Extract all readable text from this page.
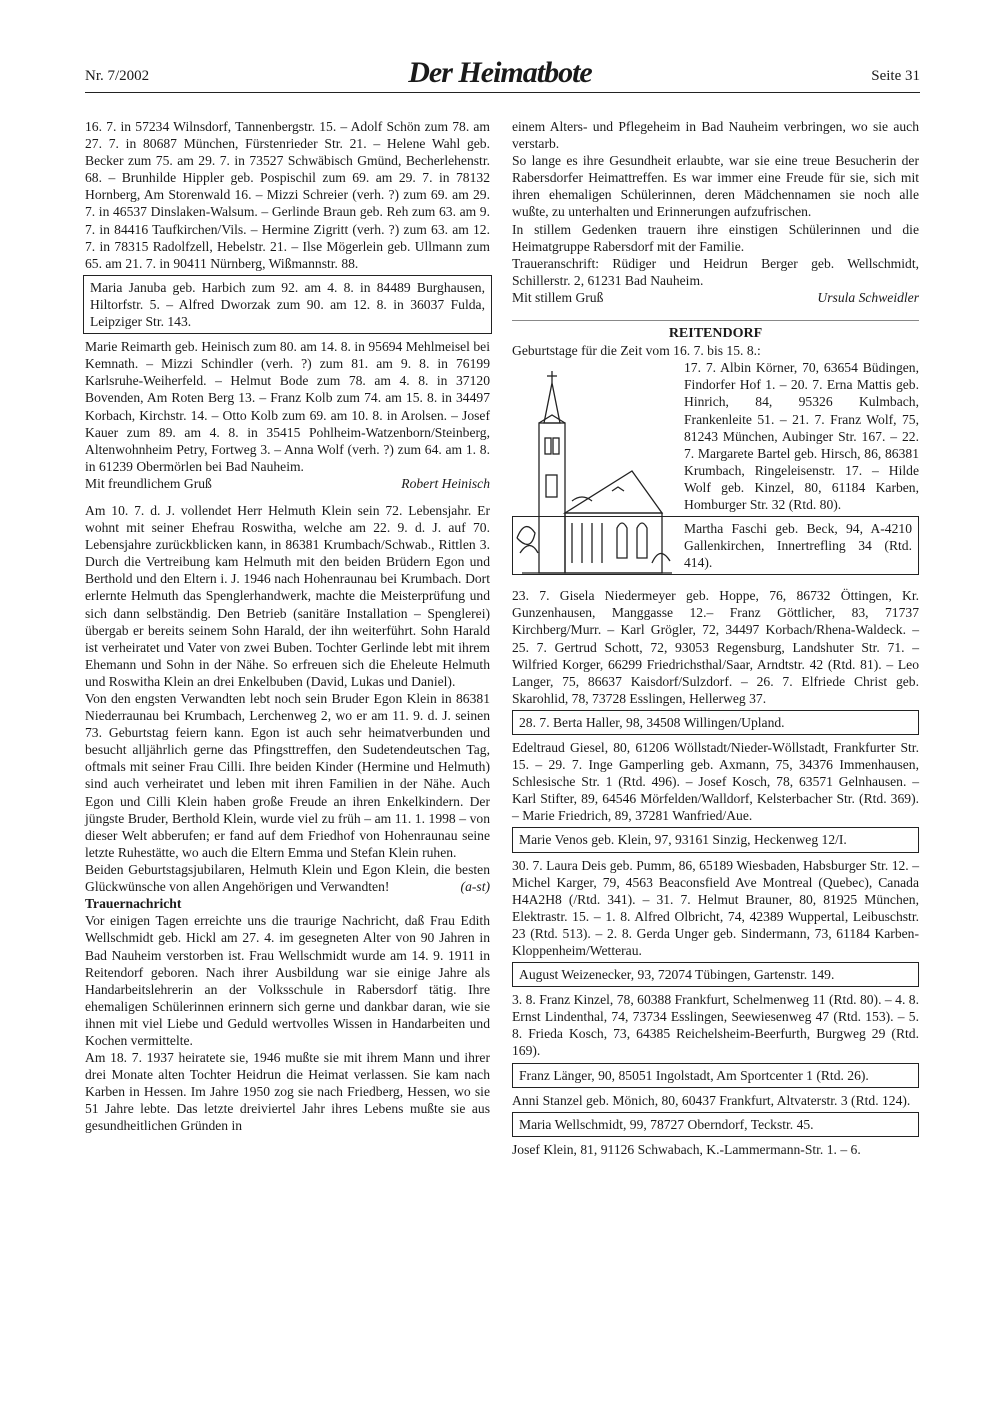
Nr. 7/2002	Der Heimatbote	Seite 31

16. 7. in 57234 Wilnsdorf, Tannenbergstr. 15. – Adolf Schön zum 78. am 27. 7. in 80687 München, Fürstenrieder Str. 21. – Helene Wahl geb. Becker zum 75. am 29. 7. in 73527 Schwäbisch Gmünd, Becherlehenstr. 68. – Brunhilde Hippler geb. Pospischil zum 69. am 29. 7. in 78132 Hornberg, Am Storenwald 16. – Mizzi Schreier (verh. ?) zum 69. am 29. 7. in 46537 Dinslaken-Walsum. – Gerlinde Braun geb. Reh zum 63. am 9. 7. in 84416 Taufkirchen/Vils. – Hermine Zigritt (verh. ?) zum 63. am 12. 7. in 78315 Radolfzell, Hebelstr. 21. – Ilse Mögerlein geb. Ullmann zum 65. am 21. 7. in 90411 Nürnberg, Wißmannstr. 88.

Maria Januba geb. Harbich zum 92. am 4. 8. in 84489 Burghausen, Hiltorfstr. 5. – Alfred Dworzak zum 90. am 12. 8. in 36037 Fulda, Leipziger Str. 143.

Marie Reimarth geb. Heinisch zum 80. am 14. 8. in 95694 Mehlmeisel bei Kemnath. – Mizzi Schindler (verh. ?) zum 81. am 9. 8. in 76199 Karlsruhe-Weiherfeld. – Helmut Bode zum 78. am 4. 8. in 37120 Bovenden, Am Roten Berg 13. – Franz Kolb zum 74. am 15. 8. in 34497 Korbach, Kirchstr. 14. – Otto Kolb zum 69. am 10. 8. in Arolsen. – Josef Kauer zum 89. am 4. 8. in 35415 Pohlheim-Watzenborn/Steinberg, Altenwohnheim Petry, Fortweg 3. – Anna Wolf (verh. ?) zum 64. am 1. 8. in 61239 Obermörlen bei Bad Nauheim.

Mit freundlichem Gruß	Robert Heinisch

Am 10. 7. d. J. vollendet Herr Helmuth Klein sein 72. Lebensjahr. Er wohnt mit seiner Ehefrau Roswitha, welche am 22. 9. d. J. auf 70. Lebensjahre zurückblicken kann, in 86381 Krumbach/Schwab., Rittlen 3. Durch die Vertreibung kam Helmuth mit den beiden Brüdern Egon und Berthold und den Eltern i. J. 1946 nach Hohenraunau bei Krumbach. Dort erlernte Helmuth das Spenglerhandwerk, machte die Meisterprüfung und sich dann selbständig. Den Betrieb (sanitäre Installation – Spenglerei) übergab er bereits seinem Sohn Harald, der ihn weiterführt. Sohn Harald ist verheiratet und Vater von zwei Buben. Tochter Gerlinde lebt mit ihrem Ehemann und Sohn in der Nähe. So erfreuen sich die Eheleute Helmuth und Roswitha Klein an drei Enkelbuben (David, Lukas und Daniel).

Von den engsten Verwandten lebt noch sein Bruder Egon Klein in 86381 Niederraunau bei Krumbach, Lerchenweg 2, wo er am 11. 9. d. J. seinen 73. Geburtstag feiern kann. Egon ist auch sehr heimatverbunden und besucht alljährlich gerne das Pfingsttreffen, den Sudetendeutschen Tag, oftmals mit seiner Frau Cilli. Ihre beiden Kinder (Hermine und Helmuth) sind auch verheiratet und leben mit ihren Familien in der Nähe. Auch Egon und Cilli Klein haben große Freude an ihren Enkelkindern. Der jüngste Bruder, Berthold Klein, wurde viel zu früh – am 11. 1. 1998 – von dieser Welt abberufen; er fand auf dem Friedhof von Hohenraunau seine letzte Ruhestätte, wo auch die Eltern Emma und Stefan Klein ruhen.

Beiden Geburtstagsjubilaren, Helmuth Klein und Egon Klein, die besten Glückwünsche von allen Angehörigen und Verwandten!	(a-st)

Trauernachricht

Vor einigen Tagen erreichte uns die traurige Nachricht, daß Frau Edith Wellschmidt geb. Hickl am 27. 4. im gesegneten Alter von 90 Jahren in Bad Nauheim verstorben ist. Frau Wellschmidt wurde am 14. 9. 1911 in Reitendorf geboren. Nach ihrer Ausbildung war sie einige Jahre als Handarbeitslehrerin an der Volksschule in Rabersdorf tätig. Ihre ehemaligen Schülerinnen erinnern sich gerne und dankbar daran, wie sie ihnen mit viel Liebe und Geduld wertvolles Wissen in Handarbeiten und Kochen vermittelte.

Am 18. 7. 1937 heiratete sie, 1946 mußte sie mit ihrem Mann und ihrer drei Monate alten Tochter Heidrun die Heimat verlassen. Sie kam nach Karben in Hessen. Im Jahre 1950 zog sie nach Friedberg, Hessen, wo sie 51 Jahre lebte. Das letzte dreiviertel Jahr ihres Lebens mußte sie aus gesundheitlichen Gründen in

einem Alters- und Pflegeheim in Bad Nauheim verbringen, wo sie auch verstarb.

So lange es ihre Gesundheit erlaubte, war sie eine treue Besucherin der Rabersdorfer Heimattreffen. Es war immer eine Freude für sie, sich mit ihren ehemaligen Schülerinnen, deren Mädchennamen sie noch alle wußte, zu unterhalten und Erinnerungen aufzufrischen.

In stillem Gedenken trauern ihre einstigen Schülerinnen und die Heimatgruppe Rabersdorf mit der Familie.

Traueranschrift: Rüdiger und Heidrun Berger geb. Wellschmidt, Schillerstr. 2, 61231 Bad Nauheim.

Mit stillem Gruß	Ursula Schweidler

REITENDORF

Geburtstage für die Zeit vom 16. 7. bis 15. 8.:

17. 7. Albin Körner, 70, 63654 Büdingen, Findorfer Hof 1. – 20. 7. Erna Mattis geb. Hinrich, 84, 95326 Kulmbach, Frankenleite 51. – 21. 7. Franz Wolf, 75, 81243 München, Aubinger Str. 167. – 22. 7. Margarete Bartel geb. Hirsch, 86, 86381 Krumbach, Ringeleisenstr. 17. – Hilde Wolf geb. Kinzel, 80, 61184 Karben, Homburger Str. 32 (Rtd. 80).

Martha Faschi geb. Beck, 94, A-4210 Gallenkirchen, Innertrefling 34 (Rtd. 414).

23. 7. Gisela Niedermeyer geb. Hoppe, 76, 86732 Öttingen, Kr. Gunzenhausen, Manggasse 12.– Franz Göttlicher, 83, 71737 Kirchberg/Murr. – Karl Grögler, 72, 34497 Korbach/Rhena-Waldeck. – 25. 7. Gertrud Schott, 72, 93053 Regensburg, Landshuter Str. 71. – Wilfried Korger, 66299 Friedrichsthal/Saar, Arndtstr. 42 (Rtd. 81). – Leo Langer, 75, 86637 Kaisdorf/Sulzdorf. – 26. 7. Elfriede Christ geb. Skarohlid, 78, 73728 Esslingen, Hellerweg 37.

28. 7. Berta Haller, 98, 34508 Willingen/Upland.

Edeltraud Giesel, 80, 61206 Wöllstadt/Nieder-Wöllstadt, Frankfurter Str. 15. – 29. 7. Inge Gamperling geb. Axmann, 75, 34376 Immenhausen, Schlesische Str. 1 (Rtd. 496). – Josef Kosch, 78, 63571 Gelnhausen. – Karl Stifter, 89, 64546 Mörfelden/Walldorf, Kelsterbacher Str. (Rtd. 369). – Marie Friedrich, 89, 37281 Wanfried/Aue.

Marie Venos geb. Klein, 97, 93161 Sinzig, Heckenweg 12/I.

30. 7. Laura Deis geb. Pumm, 86, 65189 Wiesbaden, Habsburger Str. 12. – Michel Karger, 79, 4563 Beaconsfield Ave Montreal (Quebec), Canada H4A2H8 (/Rtd. 341). – 31. 7. Helmut Brauner, 80, 81925 München, Elektrastr. 15. – 1. 8. Alfred Olbricht, 74, 42389 Wuppertal, Leibuschstr. 23 (Rtd. 513). – 2. 8. Gerda Unger geb. Sindermann, 73, 61184 Karben-Kloppenheim/Wetterau.

August Weizenecker, 93, 72074 Tübingen, Gartenstr. 149.

3. 8. Franz Kinzel, 78, 60388 Frankfurt, Schelmenweg 11 (Rtd. 80). – 4. 8. Ernst Lindenthal, 74, 73734 Esslingen, Seewiesenweg 47 (Rtd. 153). – 5. 8. Frieda Kosch, 73, 64385 Reichelsheim-Beerfurth, Burgweg 29 (Rtd. 169).

Franz Länger, 90, 85051 Ingolstadt, Am Sportcenter 1 (Rtd. 26).

Anni Stanzel geb. Mönich, 80, 60437 Frankfurt, Altvaterstr. 3 (Rtd. 124).

Maria Wellschmidt, 99, 78727 Oberndorf, Teckstr. 45.

Josef Klein, 81, 91126 Schwabach, K.-Lammermann-Str. 1. – 6.
